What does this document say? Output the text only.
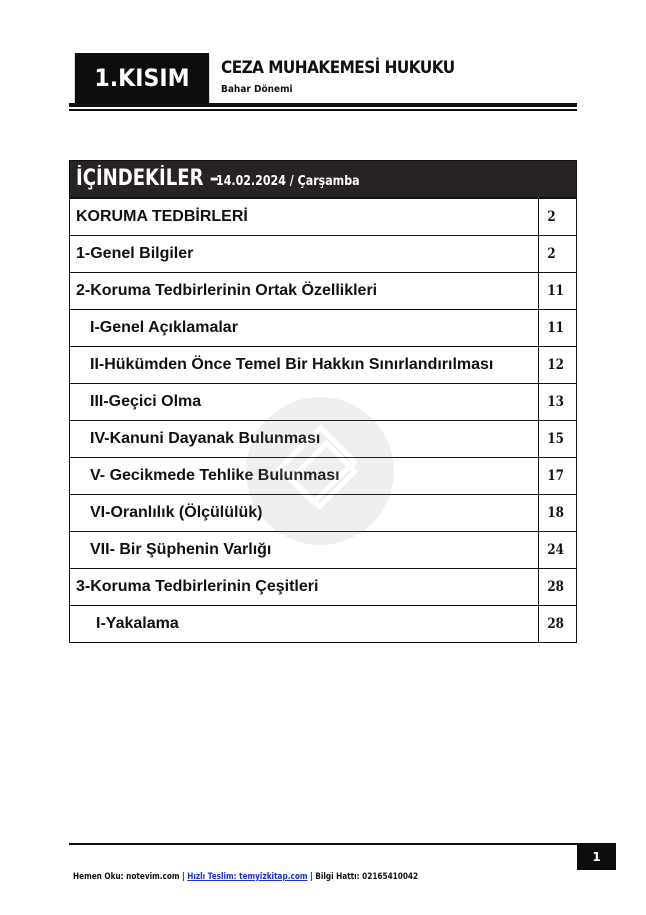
1.KISIM	CEZA MUHAKEMESİ HUKUKU
Bahar Dönemi
İÇİNDEKİLER –
14.02.2024 / Çarşamba
KORUMA TEDBİRLERİ	2
1-Genel Bilgiler	2
2-Koruma Tedbirlerinin Ortak Özellikleri	11
I-Genel Açıklamalar	11
II-Hükümden Önce Temel Bir Hakkın Sınırlandırılması	12
III-Geçici Olma	13
IV-Kanuni Dayanak Bulunması	15
V- Gecikmede Tehlike Bulunması	17
VI-Oranlılık (Ölçülülük)	18
VII- Bir Şüphenin Varlığı	24
3-Koruma Tedbirlerinin Çeşitleri	28
I-Yakalama	28
1
Hemen Oku: notevim.com | Hızlı Teslim: temyizkitap.com | Bilgi Hattı: 02165410042
